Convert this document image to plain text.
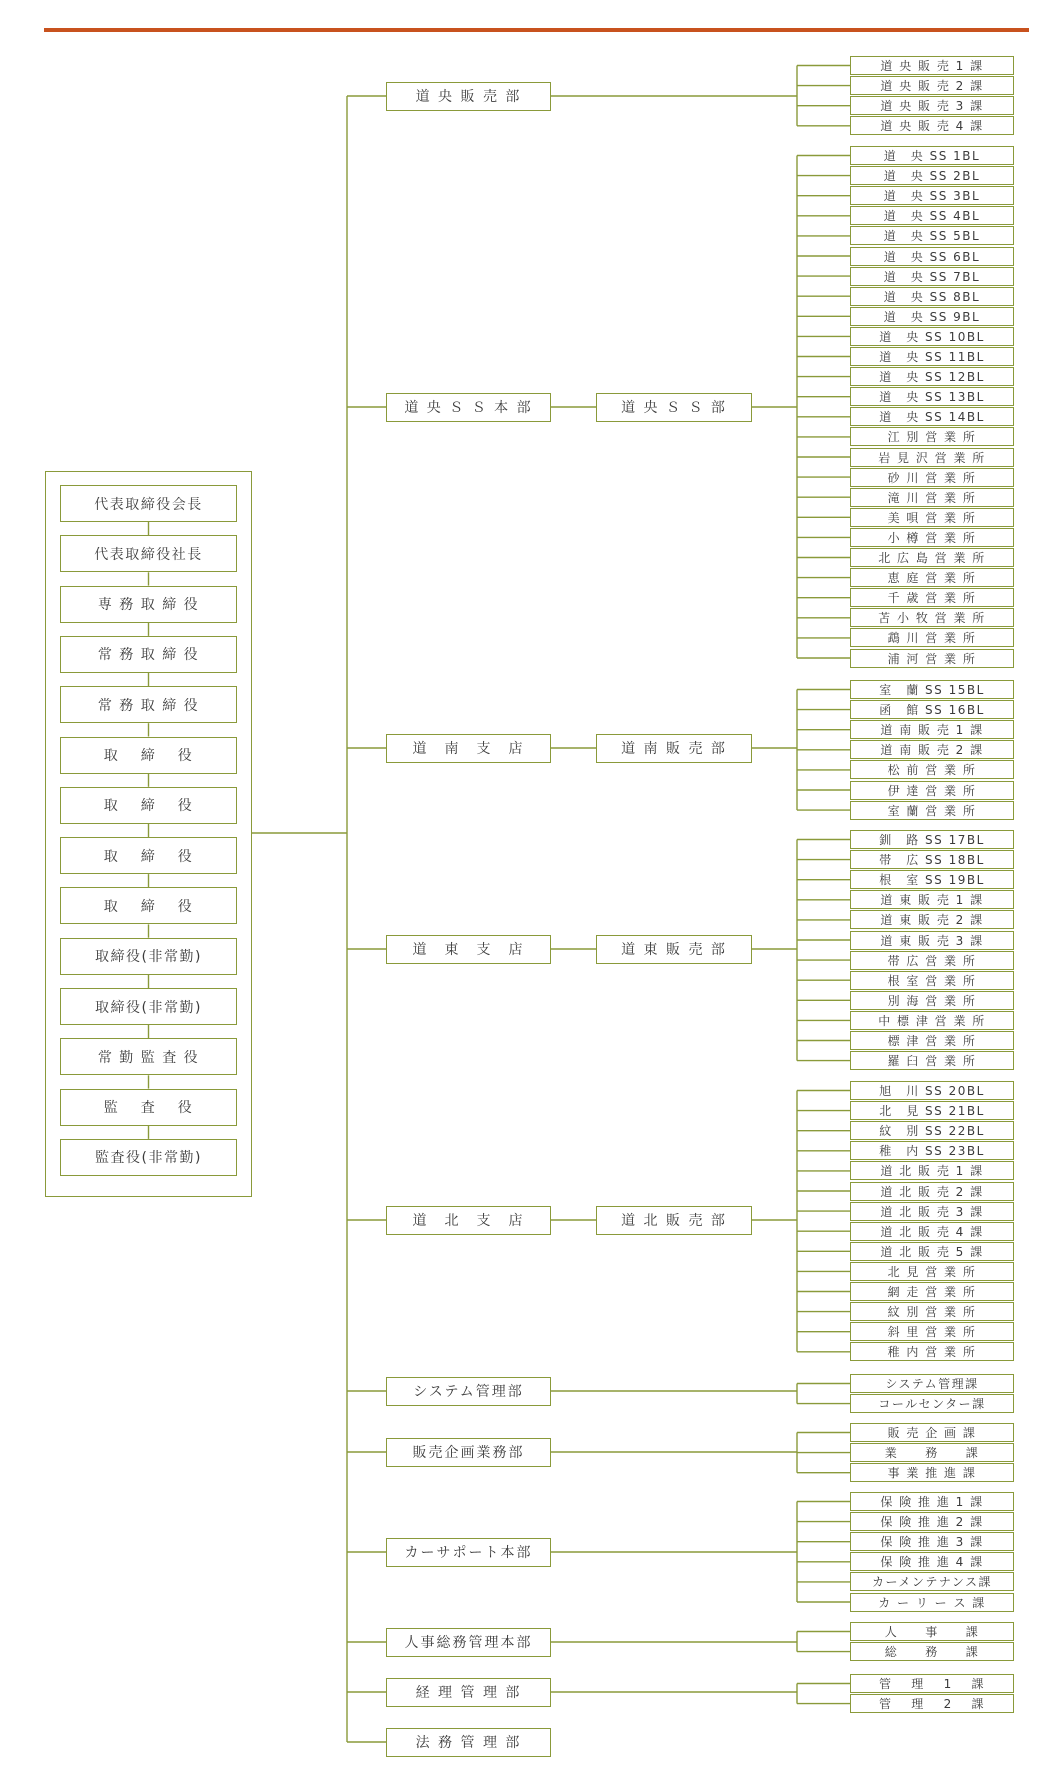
代表取締役会長
代表取締役社長
専 務 取 締 役
常 務 取 締 役
常 務 取 締 役
取　 締 　役
取　 締 　役
取　 締 　役
取　 締 　役
取締役(非常勤)
取締役(非常勤)
常 勤 監 査 役
監　 査 　役
監査役(非常勤)
道 央 販 売 部
道 央 販 売 1 課
道 央 販 売 2 課
道 央 販 売 3 課
道 央 販 売 4 課
道 央 Ｓ Ｓ 本 部	道 央 Ｓ Ｓ 部
道　央 SS 1BL
道　央 SS 2BL
道　央 SS 3BL
道　央 SS 4BL
道　央 SS 5BL
道　央 SS 6BL
道　央 SS 7BL
道　央 SS 8BL
道　央 SS 9BL
道　央 SS 10BL
道　央 SS 11BL
道　央 SS 12BL
道　央 SS 13BL
道　央 SS 14BL
江 別 営 業 所
岩 見 沢 営 業 所
砂 川 営 業 所
滝 川 営 業 所
美 唄 営 業 所
小 樽 営 業 所
北 広 島 営 業 所
恵 庭 営 業 所
千 歳 営 業 所
苫 小 牧 営 業 所
鵡 川 営 業 所
浦 河 営 業 所
道　南　支　店	道 南 販 売 部
室　蘭 SS 15BL
函　館 SS 16BL
道 南 販 売 1 課
道 南 販 売 2 課
松 前 営 業 所
伊 達 営 業 所
室 蘭 営 業 所
道　東　支　店	道 東 販 売 部
釧　路 SS 17BL
帯　広 SS 18BL
根　室 SS 19BL
道 東 販 売 1 課
道 東 販 売 2 課
道 東 販 売 3 課
帯 広 営 業 所
根 室 営 業 所
別 海 営 業 所
中 標 津 営 業 所
標 津 営 業 所
羅 臼 営 業 所
道　北　支　店	道 北 販 売 部
旭　川 SS 20BL
北　見 SS 21BL
紋　別 SS 22BL
稚　内 SS 23BL
道 北 販 売 1 課
道 北 販 売 2 課
道 北 販 売 3 課
道 北 販 売 4 課
道 北 販 売 5 課
北 見 営 業 所
網 走 営 業 所
紋 別 営 業 所
斜 里 営 業 所
稚 内 営 業 所
システム管理部	システム管理課
コールセンター課
販売企画業務部
販 売 企 画 課
業　　務　　課
事 業 推 進 課
カーサポート本部
保 険 推 進 1 課
保 険 推 進 2 課
保 険 推 進 3 課
保 険 推 進 4 課
カーメンテナンス課
カ ー リ ー ス 課
人事総務管理本部
人　　事　　課
総　　務　　課
経 理 管 理 部
管　 理　 1　 課
管　 理　 2　 課
法 務 管 理 部
